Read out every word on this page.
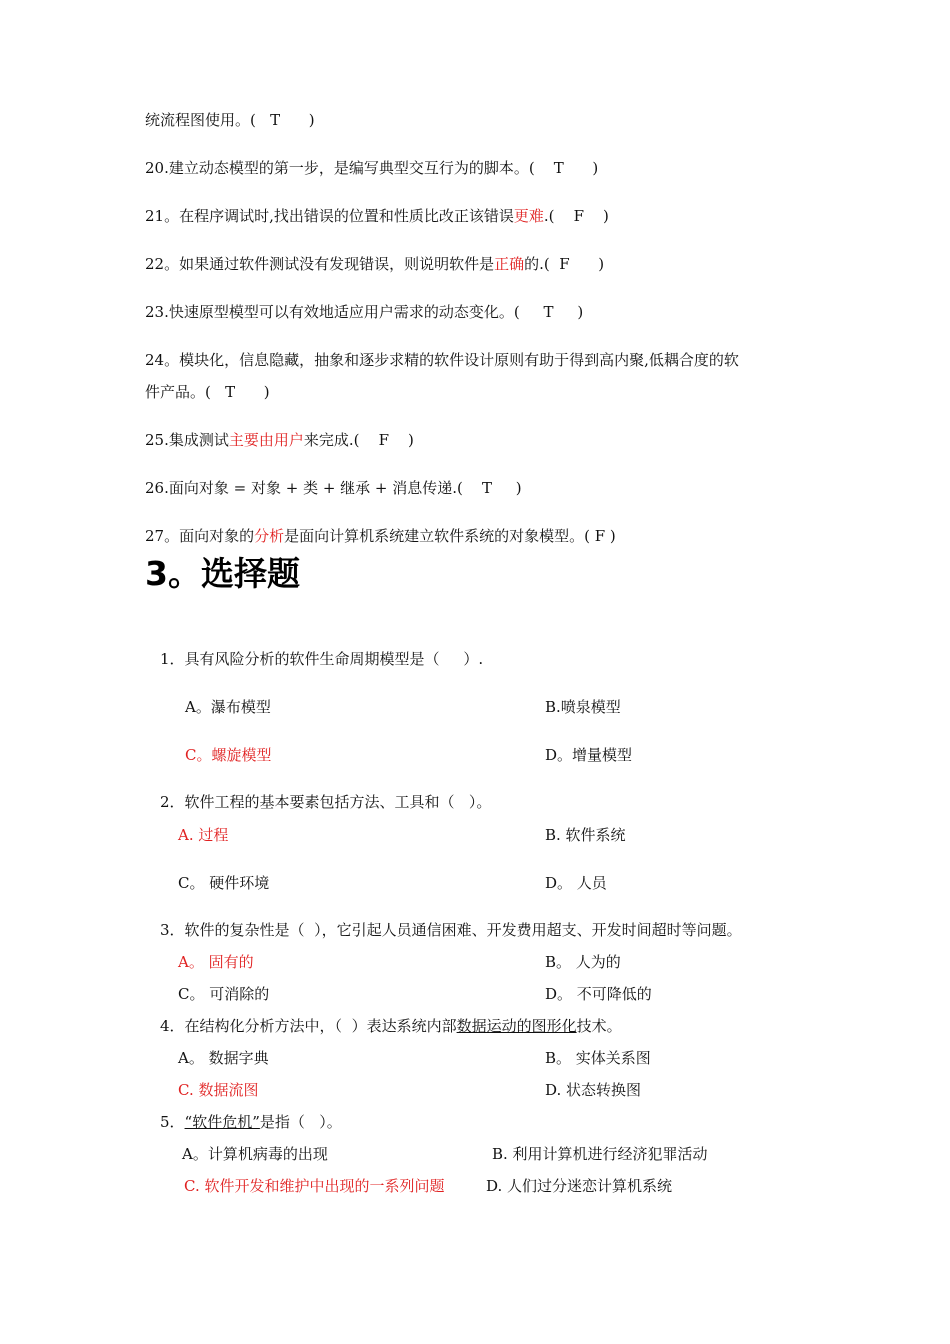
统流程图使用。(   T      )
20.建立动态模型的第一步，是编写典型交互行为的脚本。(    T      )
21。在程序调试时,找出错误的位置和性质比改正该错误更难.(    F    )
22。如果通过软件测试没有发现错误，则说明软件是正确的.(  F      )
23.快速原型模型可以有效地适应用户需求的动态变化。(     T     )
24。模块化，信息隐藏，抽象和逐步求精的软件设计原则有助于得到高内聚,低耦合度的软
件产品。(   T      )
25.集成测试主要由用户来完成.(    F    )
26.面向对象 = 对象 + 类 + 继承 + 消息传递.(    T     )
27。面向对象的分析是面向计算机系统建立软件系统的对象模型。( F )
3。选择题
1．具有风险分析的软件生命周期模型是（     ）.
A。瀑布模型	B.喷泉模型
C。螺旋模型	D。增量模型
2．软件工程的基本要素包括方法、工具和（   ）。
A. 过程	B. 软件系统
C。 硬件环境	D。 人员
3．软件的复杂性是（  ），它引起人员通信困难、开发费用超支、开发时间超时等问题。
A。 固有的	B。 人为的
C。 可消除的	D。 不可降低的
4．在结构化分析方法中，（  ）表达系统内部数据运动的图形化技术。
A。 数据字典	B。 实体关系图
C. 数据流图	D. 状态转换图
5．“软件危机”是指（   ）。
A。计算机病毒的出现	B. 利用计算机进行经济犯罪活动
C. 软件开发和维护中出现的一系列问题	D. 人们过分迷恋计算机系统
